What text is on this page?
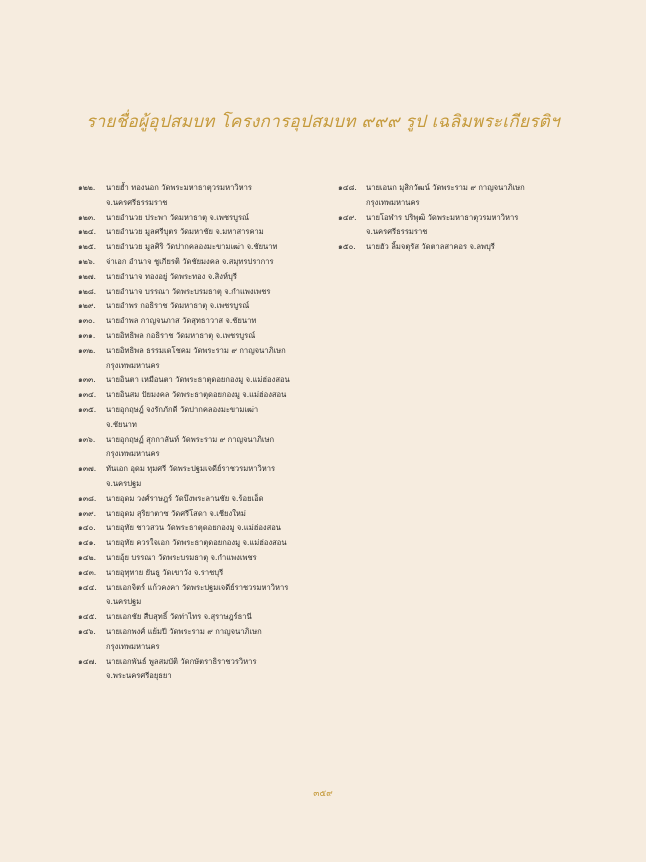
รายชื่อผู้อุปสมบท โครงการอุปสมบท ๙๙๙ รูป เฉลิมพระเกียรติฯ
๑๒๒.	นายฮ้ำ ทองนอก วัดพระมหาธาตุวรมหาวิหาร
จ.นครศรีธรรมราช
๑๒๓.	นายอำนวย ประพา วัดมหาธาตุ จ.เพชรบูรณ์
๑๒๔.	นายอำนวย มูลศรีบุตร วัดมหาชัย จ.มหาสารคาม
๑๒๕.	นายอำนวย มูลศิริ วัดปากคลองมะขามเฒ่า จ.ชัยนาท
๑๒๖.	จ่าเอก อำนาจ ชูเกียรติ วัดชัยมงคล จ.สมุทรปราการ
๑๒๗.	นายอำนาจ ทองอยู่ วัดพระทอง จ.สิงห์บุรี
๑๒๘.	นายอำนาจ บรรณา วัดพระบรมธาตุ จ.กำแพงเพชร
๑๒๙.	นายอำพร กอธิราช วัดมหาธาตุ จ.เพชรบูรณ์
๑๓๐.	นายอำพล กาญจนภาส วัดสุทธาวาส จ.ชัยนาท
๑๓๑.	นายอิทธิพล กอธิราช วัดมหาธาตุ จ.เพชรบูรณ์
๑๓๒.	นายอิทธิพล ธรรมเดโชคม วัดพระราม ๙ กาญจนาภิเษก
กรุงเทพมหานคร
๑๓๓.	นายอินตา เหมือนตา วัดพระธาตุดอยกองมู จ.แม่ฮ่องสอน
๑๓๔.	นายอินสม ปัยมงคล วัดพระธาตุดอยกองมู จ.แม่ฮ่องสอน
๑๓๕.	นายอุกฤษฎ์ จงรักภักดี วัดปากคลองมะขามเฒ่า
จ.ชัยนาท
๑๓๖.	นายอุกฤษฏ์ สุกกาลันท์ วัดพระราม ๙ กาญจนาภิเษก
กรุงเทพมหานคร
๑๓๗.	ทันเอก อุดม ทุมศรี วัดพระปฐมเจดีย์ราชวรมหาวิหาร
จ.นครปฐม
๑๓๘.	นายอุดม วงศ์ราษฎร์ วัดบึงพระลานชัย จ.ร้อยเอ็ด
๑๓๙.	นายอุดม สุริยาตาซ วัดศรีโสดา จ.เชียงใหม่
๑๔๐.	นายอุทัย ชาวสวน วัดพระธาตุดอยกองมู จ.แม่ฮ่องสอน
๑๔๑.	นายอุทัย ควรใจเอก วัดพระธาตุดอยกองมู จ.แม่ฮ่องสอน
๑๔๒.	นายอุ้ย บรรณา วัดพระบรมธาตุ จ.กำแพงเพชร
๑๔๓.	นายอุทุทาย ยันธู วัดเขาวัง จ.ราชบุรี
๑๔๔.	นายเอกจิตร์ แก้วคงคา วัดพระปฐมเจดีย์ราชวรมหาวิหาร
จ.นครปฐม
๑๔๕.	นายเอกชัย สืบสุทธิ์ วัดท่าไทร จ.สุราษฎร์ธานี
๑๔๖.	นายเอกพงศ์ แย้มปี วัดพระราม ๙ กาญจนาภิเษก
กรุงเทพมหานคร
๑๔๗.	นายเอกพันธ์ พูลสมบัติ วัดกษัตราธิราชวรวิหาร
จ.พระนครศรีอยุธยา
๑๔๘.	นายเอนก มุสิกวัฒน์ วัดพระราม ๙ กาญจนาภิเษก
กรุงเทพมหานคร
๑๔๙.	นายโอฬาร ปริพุฒิ วัดพระมหาธาตุวรมหาวิหาร
จ.นครศรีธรรมราช
๑๕๐.	นายฮัว ลิ้มจตุรัส วัดตาลสาคอร จ.ลพบุรี
๓๕๙
